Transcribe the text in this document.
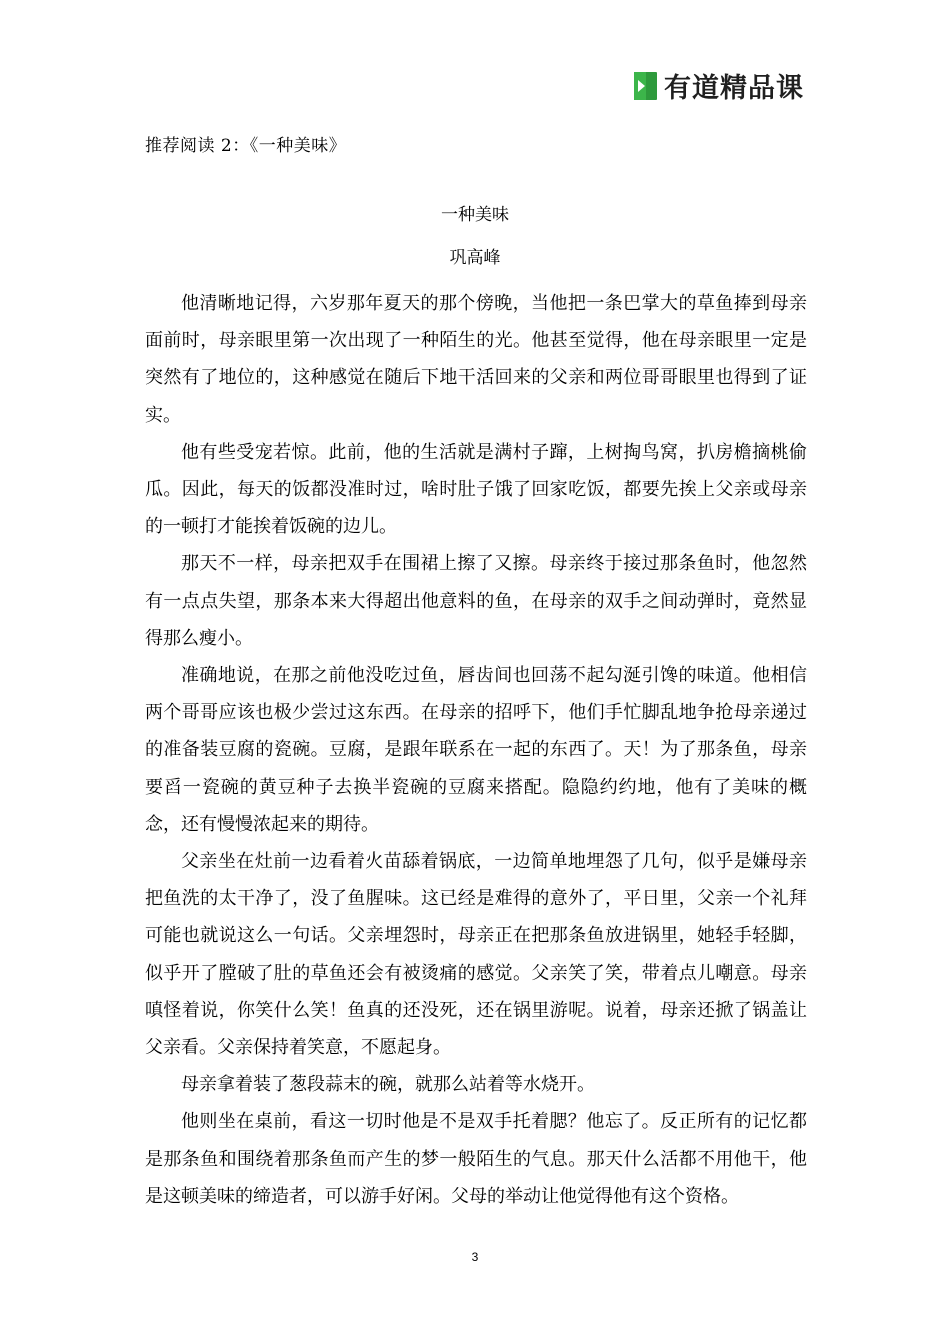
有道精品课
推荐阅读 2：《一种美味》
一种美味
巩高峰

他清晰地记得，六岁那年夏天的那个傍晚，当他把一条巴掌大的草鱼捧到母亲面前时，母亲眼里第一次出现了一种陌生的光。他甚至觉得，他在母亲眼里一定是突然有了地位的，这种感觉在随后下地干活回来的父亲和两位哥哥眼里也得到了证实。

他有些受宠若惊。此前，他的生活就是满村子蹿，上树掏鸟窝，扒房檐摘桃偷瓜。因此，每天的饭都没准时过，啥时肚子饿了回家吃饭，都要先挨上父亲或母亲的一顿打才能挨着饭碗的边儿。

那天不一样，母亲把双手在围裙上擦了又擦。母亲终于接过那条鱼时，他忽然有一点点失望，那条本来大得超出他意料的鱼，在母亲的双手之间动弹时，竟然显得那么瘦小。

准确地说，在那之前他没吃过鱼，唇齿间也回荡不起勾涎引馋的味道。他相信两个哥哥应该也极少尝过这东西。在母亲的招呼下，他们手忙脚乱地争抢母亲递过的准备装豆腐的瓷碗。豆腐，是跟年联系在一起的东西了。天！为了那条鱼，母亲要舀一瓷碗的黄豆种子去换半瓷碗的豆腐来搭配。隐隐约约地，他有了美味的概念，还有慢慢浓起来的期待。

父亲坐在灶前一边看着火苗舔着锅底，一边简单地埋怨了几句，似乎是嫌母亲把鱼洗的太干净了，没了鱼腥味。这已经是难得的意外了，平日里，父亲一个礼拜可能也就说这么一句话。父亲埋怨时，母亲正在把那条鱼放进锅里，她轻手轻脚，似乎开了膛破了肚的草鱼还会有被烫痛的感觉。父亲笑了笑，带着点儿嘲意。母亲嗔怪着说，你笑什么笑！鱼真的还没死，还在锅里游呢。说着，母亲还掀了锅盖让父亲看。父亲保持着笑意，不愿起身。

母亲拿着装了葱段蒜末的碗，就那么站着等水烧开。

他则坐在桌前，看这一切时他是不是双手托着腮？他忘了。反正所有的记忆都是那条鱼和围绕着那条鱼而产生的梦一般陌生的气息。那天什么活都不用他干，他是这顿美味的缔造者，可以游手好闲。父母的举动让他觉得他有这个资格。

3
